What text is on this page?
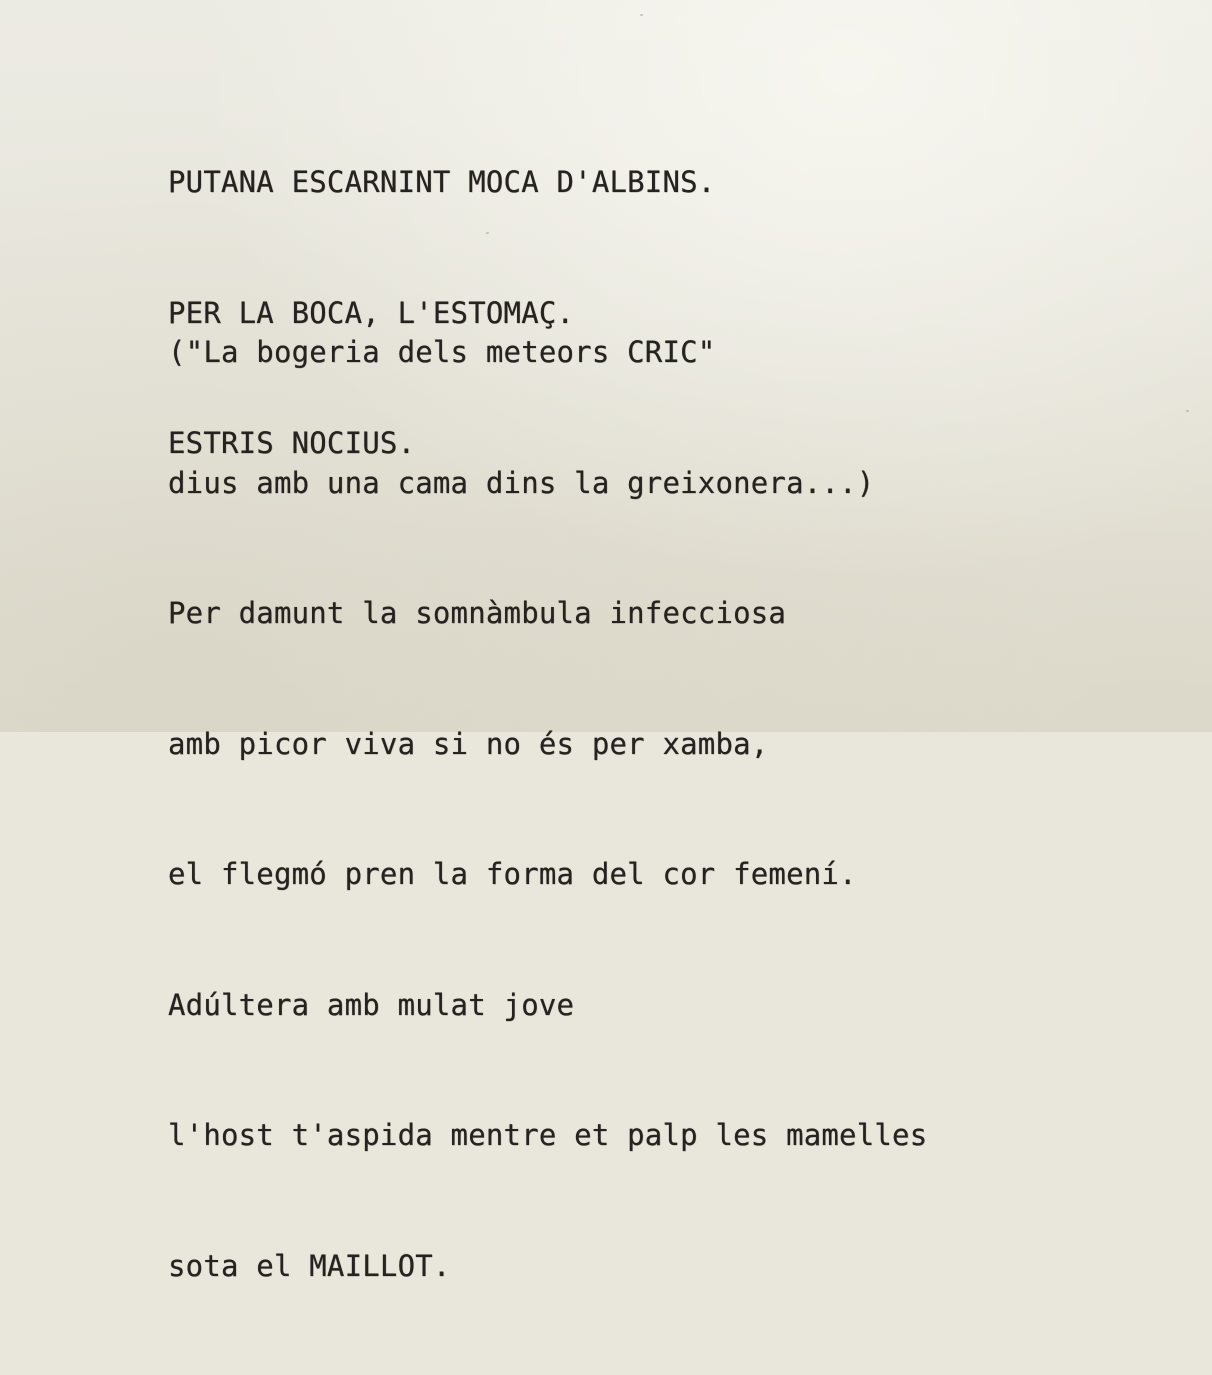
PUTANA ESCARNINT MOCA D'ALBINS.

PER LA BOCA, L'ESTOMAÇ.

ESTRIS NOCIUS.

("La bogeria dels meteors CRIC"

dius amb una cama dins la greixonera...)

Per damunt la somnàmbula infecciosa

amb picor viva si no és per xamba,

el flegmó pren la forma del cor femení.

Adúltera amb mulat jove

l'host t'aspida mentre et palp les mamelles

sota el MAILLOT.
